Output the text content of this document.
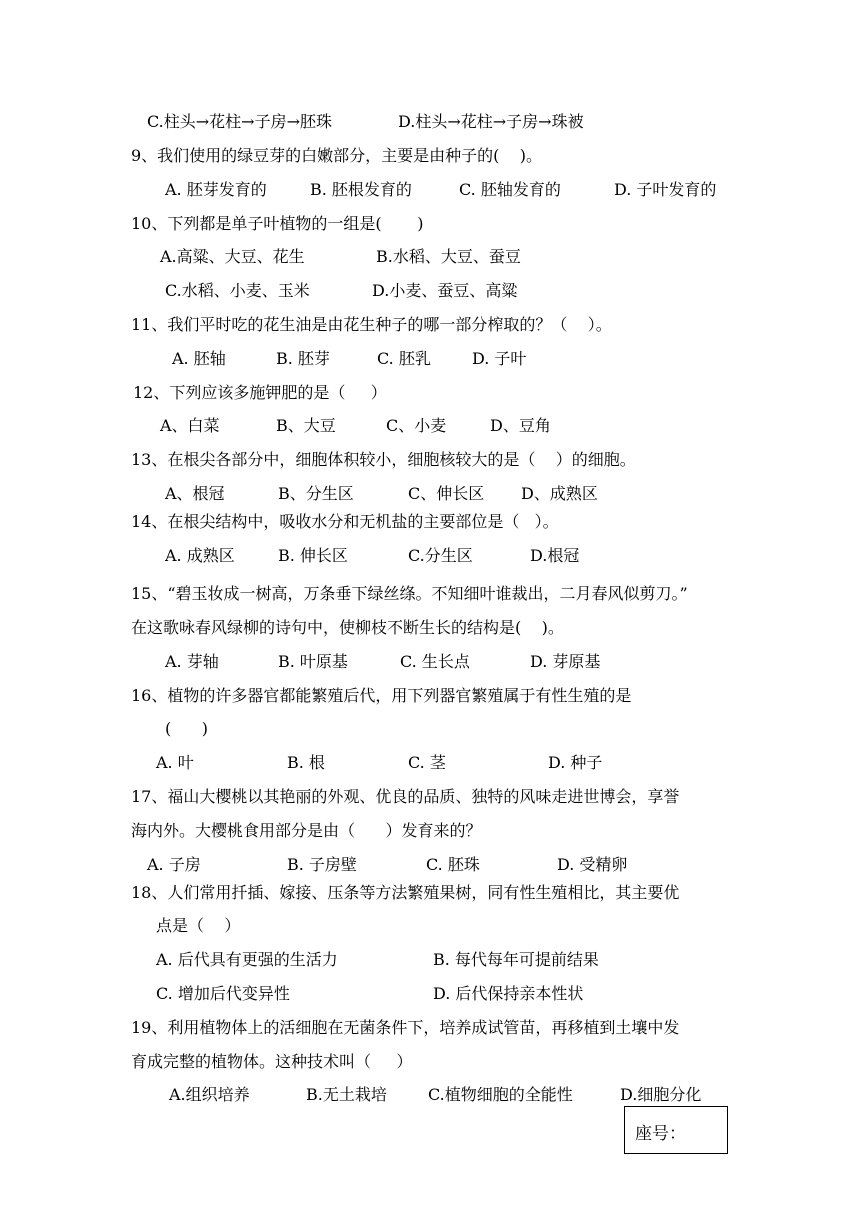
C.柱头→花柱→子房→胚珠	D.柱头→花柱→子房→珠被
9、我们使用的绿豆芽的白嫩部分，主要是由种子的(    )。
A. 胚芽发育的	B. 胚根发育的	C. 胚轴发育的	D. 子叶发育的
10、下列都是单子叶植物的一组是(       )
A.高粱、大豆、花生	B.水稻、大豆、蚕豆
C.水稻、小麦、玉米	D.小麦、蚕豆、高粱
11、我们平时吃的花生油是由花生种子的哪一部分榨取的？（    ）。
A. 胚轴	B. 胚芽	C. 胚乳	D. 子叶
12、下列应该多施钾肥的是（     ）
A、白菜	B、大豆	C、小麦	D、豆角
13、在根尖各部分中，细胞体积较小，细胞核较大的是（    ）的细胞。
A、根冠	B、分生区	C、伸长区 D、成熟区
14、在根尖结构中，吸收水分和无机盐的主要部位是（   ）。
A. 成熟区	B. 伸长区	C.分生区	D.根冠
15、“碧玉妆成一树高，万条垂下绿丝绦。不知细叶谁裁出，二月春风似剪刀。”
在这歌咏春风绿柳的诗句中，使柳枝不断生长的结构是(    )。
A. 芽轴	B. 叶原基	C. 生长点	D. 芽原基
16、植物的许多器官都能繁殖后代，用下列器官繁殖属于有性生殖的是
(      )
A. 叶	B. 根	C. 茎	D. 种子
17、福山大樱桃以其艳丽的外观、优良的品质、独特的风味走进世博会，享誉
海内外。大樱桃食用部分是由（      ）发育来的？
A. 子房	B. 子房壁	C. 胚珠	D. 受精卵
18、人们常用扦插、嫁接、压条等方法繁殖果树，同有性生殖相比，其主要优
点是（    ）
A. 后代具有更强的生活力	B. 每代每年可提前结果
C. 增加后代变异性	D. 后代保持亲本性状
19、利用植物体上的活细胞在无菌条件下，培养成试管苗，再移植到土壤中发
育成完整的植物体。这种技术叫（     ）
A.组织培养	B.无土栽培	C.植物细胞的全能性	D.细胞分化
座号：
